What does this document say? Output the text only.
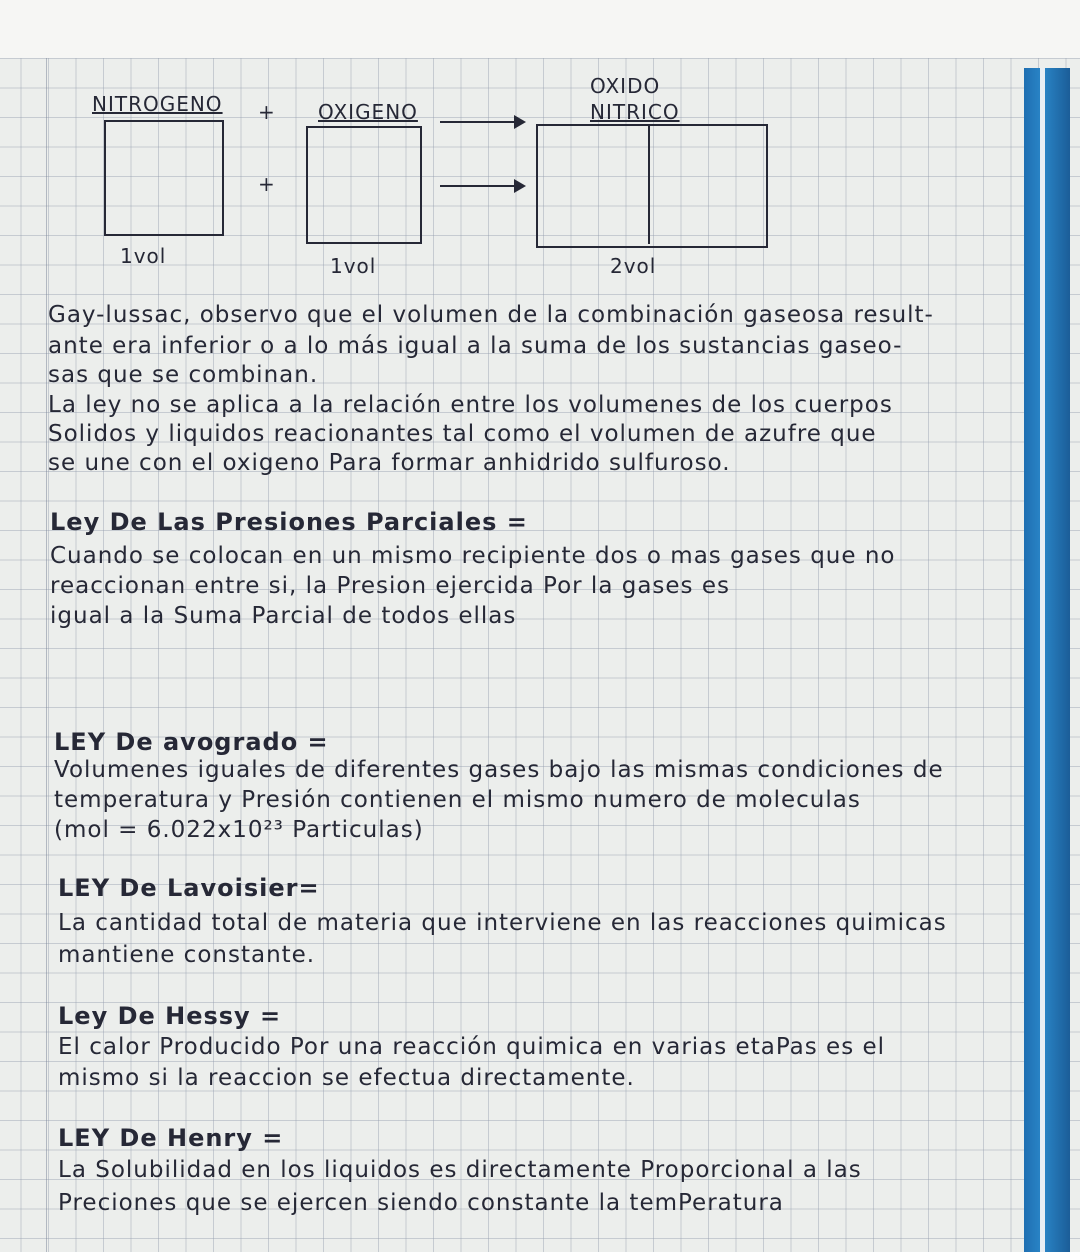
NITROGENO + OXIGENO
OXIDO
NITRICO
+
1vol	1vol	2vol
Gay-lussac, observo que el volumen de la combinación gaseosa result-
ante era inferior o a lo más igual a la suma de los sustancias gaseo-
sas que se combinan.
La ley no se aplica a la relación entre los volumenes de los cuerpos
Solidos y liquidos reacionantes tal como el volumen de azufre que
se une con el oxigeno Para formar anhidrido sulfuroso.
Ley De Las Presiones Parciales =
Cuando se colocan en un mismo recipiente dos o mas gases que no
reaccionan entre si, la Presion ejercida Por la gases es
igual a la Suma Parcial de todos ellas
LEY De avogrado =
Volumenes iguales de diferentes gases bajo las mismas condiciones de
temperatura y Presión contienen el mismo numero de moleculas
(mol = 6.022x10²³ Particulas)
LEY De Lavoisier=
La cantidad total de materia que interviene en las reacciones quimicas
mantiene constante.
Ley De Hessy =
El calor Producido Por una reacción quimica en varias etaPas es el
mismo si la reaccion se efectua directamente.
LEY De Henry =
La Solubilidad en los liquidos es directamente Proporcional a las
Preciones que se ejercen siendo constante la temPeratura
